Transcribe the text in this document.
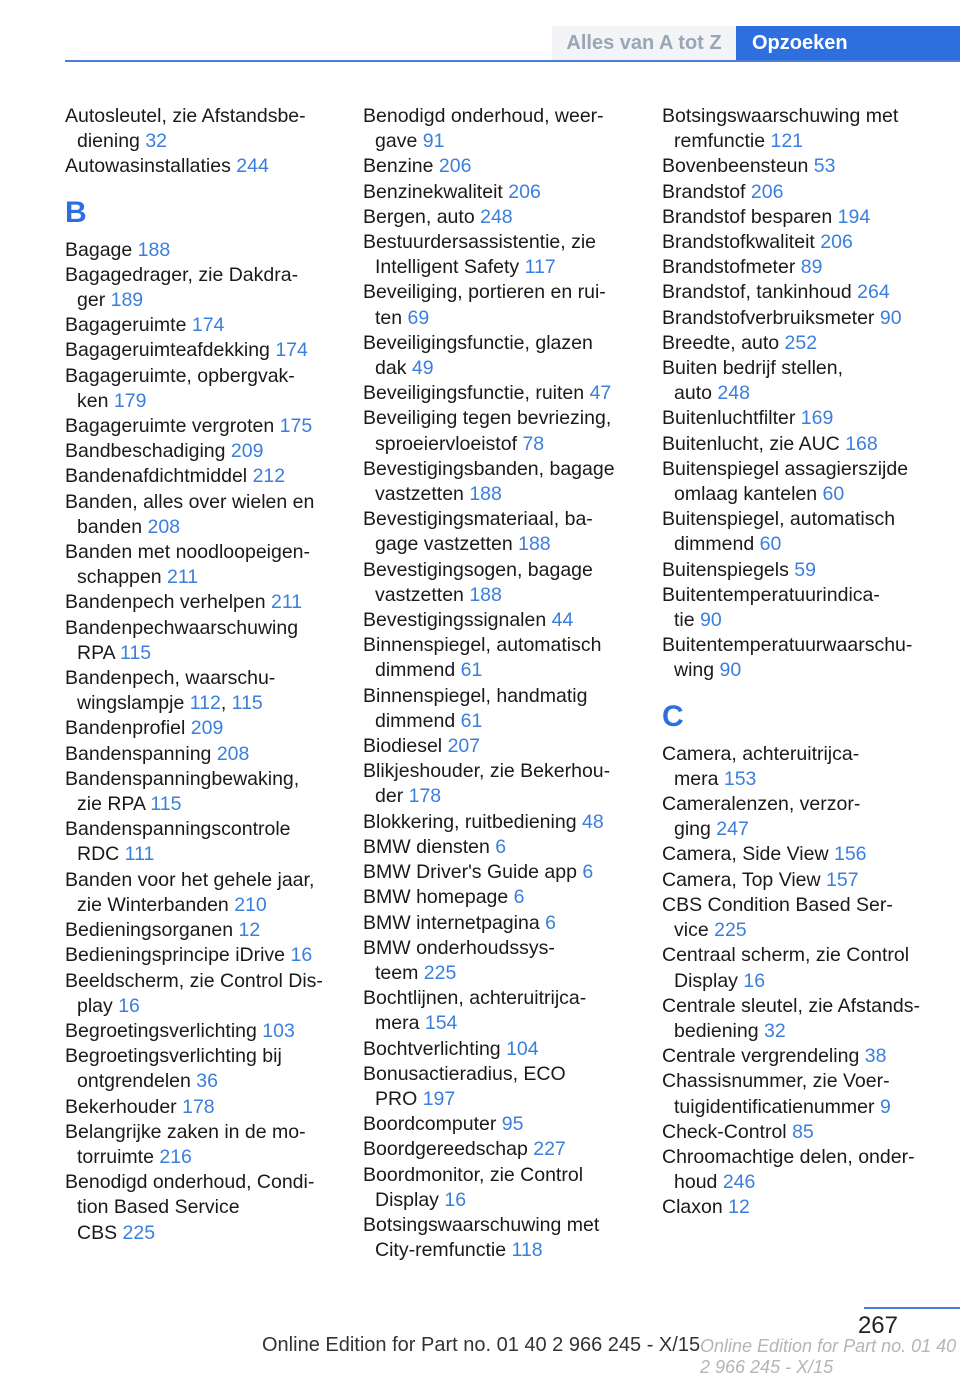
Alles van A tot Z	Opzoeken
Autosleutel, zie Afstandsbe-
diening 32
Autowasinstallaties 244
B
Bagage 188
Bagagedrager, zie Dakdra-
ger 189
Bagageruimte 174
Bagageruimteafdekking 174
Bagageruimte, opbergvak-
ken 179
Bagageruimte vergroten 175
Bandbeschadiging 209
Bandenafdichtmiddel 212
Banden, alles over wielen en
banden 208
Banden met noodloopeigen-
schappen 211
Bandenpech verhelpen 211
Bandenpechwaarschuwing
RPA 115
Bandenpech, waarschu-
wingslampje 112, 115
Bandenprofiel 209
Bandenspanning 208
Bandenspanningbewaking,
zie RPA 115
Bandenspanningscontrole
RDC 111
Banden voor het gehele jaar,
zie Winterbanden 210
Bedieningsorganen 12
Bedieningsprincipe iDrive 16
Beeldscherm, zie Control Dis-
play 16
Begroetingsverlichting 103
Begroetingsverlichting bij
ontgrendelen 36
Bekerhouder 178
Belangrijke zaken in de mo-
torruimte 216
Benodigd onderhoud, Condi-
tion Based Service
CBS 225
Benodigd onderhoud, weer-
gave 91
Benzine 206
Benzinekwaliteit 206
Bergen, auto 248
Bestuurdersassistentie, zie
Intelligent Safety 117
Beveiliging, portieren en rui-
ten 69
Beveiligingsfunctie, glazen
dak 49
Beveiligingsfunctie, ruiten 47
Beveiliging tegen bevriezing,
sproeiervloeistof 78
Bevestigingsbanden, bagage
vastzetten 188
Bevestigingsmateriaal, ba-
gage vastzetten 188
Bevestigingsogen, bagage
vastzetten 188
Bevestigingssignalen 44
Binnenspiegel, automatisch
dimmend 61
Binnenspiegel, handmatig
dimmend 61
Biodiesel 207
Blikjeshouder, zie Bekerhou-
der 178
Blokkering, ruitbediening 48
BMW diensten 6
BMW Driver's Guide app 6
BMW homepage 6
BMW internetpagina 6
BMW onderhoudssys-
teem 225
Bochtlijnen, achteruitrijca-
mera 154
Bochtverlichting 104
Bonusactieradius, ECO
PRO 197
Boordcomputer 95
Boordgereedschap 227
Boordmonitor, zie Control
Display 16
Botsingswaarschuwing met
City-remfunctie 118
Botsingswaarschuwing met
remfunctie 121
Bovenbeensteun 53
Brandstof 206
Brandstof besparen 194
Brandstofkwaliteit 206
Brandstofmeter 89
Brandstof, tankinhoud 264
Brandstofverbruiksmeter 90
Breedte, auto 252
Buiten bedrijf stellen,
auto 248
Buitenluchtfilter 169
Buitenlucht, zie AUC 168
Buitenspiegel assagierszijde
omlaag kantelen 60
Buitenspiegel, automatisch
dimmend 60
Buitenspiegels 59
Buitentemperatuurindica-
tie 90
Buitentemperatuurwaarschu-
wing 90
C
Camera, achteruitrijca-
mera 153
Cameralenzen, verzor-
ging 247
Camera, Side View 156
Camera, Top View 157
CBS Condition Based Ser-
vice 225
Centraal scherm, zie Control
Display 16
Centrale sleutel, zie Afstands-
bediening 32
Centrale vergrendeling 38
Chassisnummer, zie Voer-
tuigidentificatienummer 9
Check-Control 85
Chroomachtige delen, onder-
houd 246
Claxon 12
267
Online Edition for Part no. 01 40 2 966 245 - X/15 Online Edition for Part no. 01 40 2 966 245 - X/15
